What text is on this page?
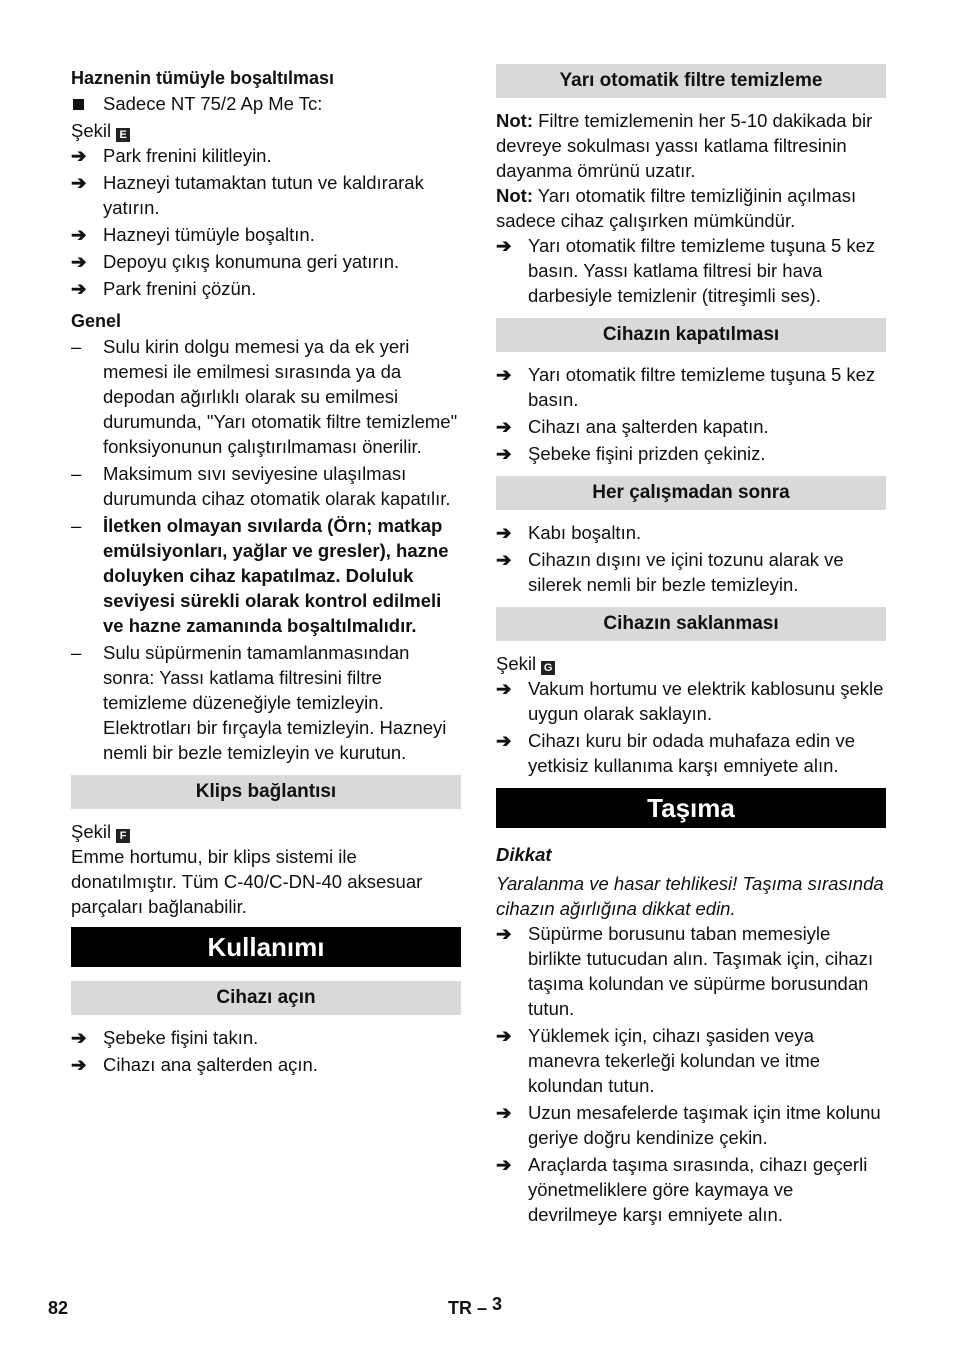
Haznenin tümüyle boşaltılması

Sadece NT 75/2 Ap Me Tc:

Şekil E

➔ Park frenini kilitleyin.
➔ Hazneyi tutamaktan tutun ve kaldırarak yatırın.
➔ Hazneyi tümüyle boşaltın.
➔ Depoyu çıkış konumuna geri yatırın.
➔ Park frenini çözün.

Genel

–	Sulu kirin dolgu memesi ya da ek yeri memesi ile emilmesi sırasında ya da depodan ağırlıklı olarak su emilmesi durumunda, "Yarı otomatik filtre temizleme" fonksiyonunun çalıştırılmaması önerilir.
–	Maksimum sıvı seviyesine ulaşılması durumunda cihaz otomatik olarak kapatılır.
–	İletken olmayan sıvılarda (Örn; matkap emülsiyonları, yağlar ve gresler), hazne doluyken cihaz kapatılmaz. Doluluk seviyesi sürekli olarak kontrol edilmeli ve hazne zamanında boşaltılmalıdır.
–	Sulu süpürmenin tamamlanmasından sonra: Yassı katlama filtresini filtre temizleme düzeneğiyle temizleyin. Elektrotları bir fırçayla temizleyin. Hazneyi nemli bir bezle temizleyin ve kurutun.
Klips bağlantısı

Şekil F

Emme hortumu, bir klips sistemi ile donatılmıştır. Tüm C-40/C-DN-40 aksesuar parçaları bağlanabilir.

Kullanımı
Cihazı açın
➔ Şebeke fişini takın.
➔ Cihazı ana şalterden açın.
Yarı otomatik filtre temizleme

Not: Filtre temizlemenin her 5-10 dakikada bir devreye sokulması yassı katlama filtresinin dayanma ömrünü uzatır.

Not: Yarı otomatik filtre temizliğinin açılması sadece cihaz çalışırken mümkündür.

➔ Yarı otomatik filtre temizleme tuşuna 5 kez basın. Yassı katlama filtresi bir hava darbesiyle temizlenir (titreşimli ses).
Cihazın kapatılması
➔ Yarı otomatik filtre temizleme tuşuna 5 kez basın.
➔ Cihazı ana şalterden kapatın.
➔ Şebeke fişini prizden çekiniz.
Her çalışmadan sonra
➔ Kabı boşaltın.
➔ Cihazın dışını ve içini tozunu alarak ve silerek nemli bir bezle temizleyin.
Cihazın saklanması

Şekil G

➔ Vakum hortumu ve elektrik kablosunu şekle uygun olarak saklayın.
➔ Cihazı kuru bir odada muhafaza edin ve yetkisiz kullanıma karşı emniyete alın.
Taşıma

Dikkat

Yaralanma ve hasar tehlikesi! Taşıma sırasında cihazın ağırlığına dikkat edin.

➔ Süpürme borusunu taban memesiyle birlikte tutucudan alın. Taşımak için, cihazı taşıma kolundan ve süpürme borusundan tutun.
➔ Yüklemek için, cihazı şasiden veya manevra tekerleği kolundan ve itme kolundan tutun.
➔ Uzun mesafelerde taşımak için itme kolunu geriye doğru kendinize çekin.
➔ Araçlarda taşıma sırasında, cihazı geçerli yönetmeliklere göre kaymaya ve devrilmeye karşı emniyete alın.
82	TR – 3
